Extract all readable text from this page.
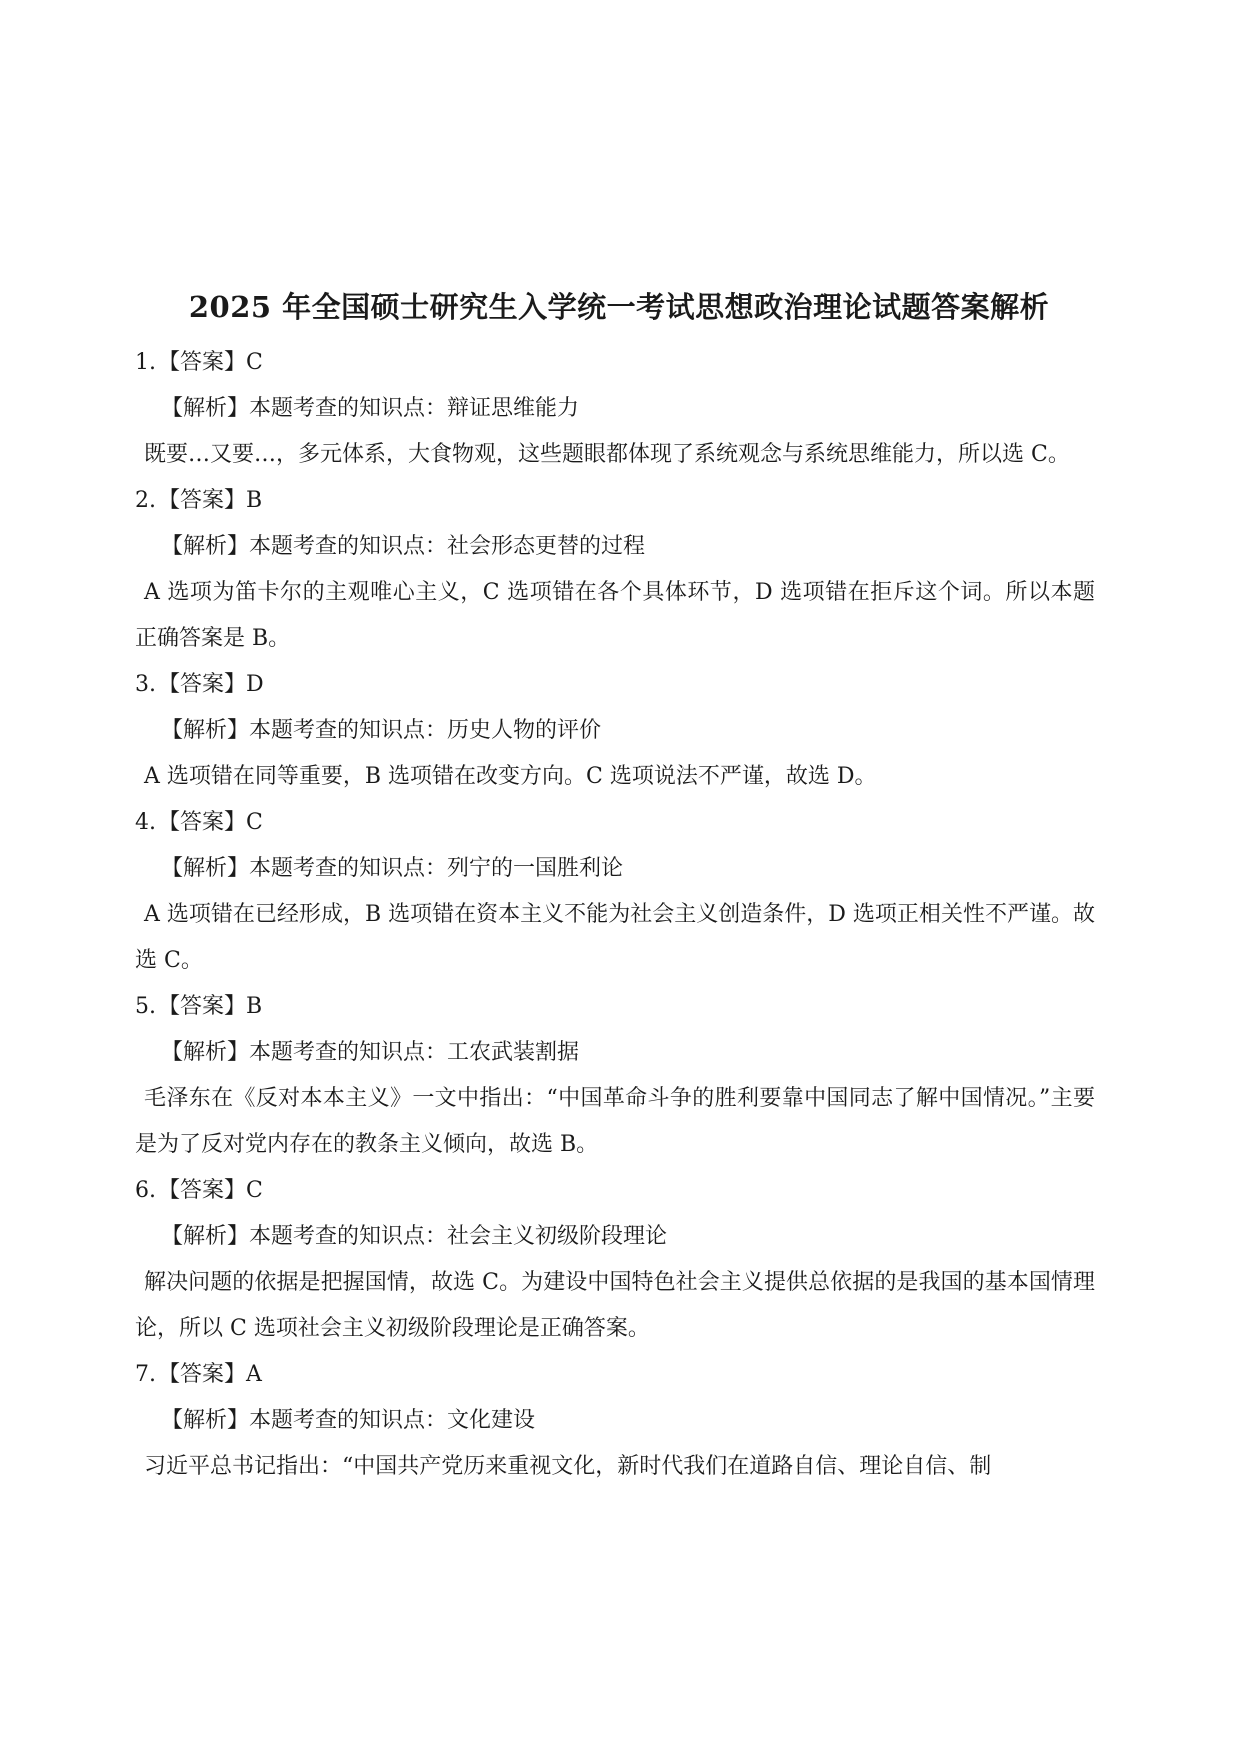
2025 年全国硕士研究生入学统一考试思想政治理论试题答案解析
1.【答案】C
【解析】本题考查的知识点：辩证思维能力

既要…又要…，多元体系，大食物观，这些题眼都体现了系统观念与系统思维能力，所以选 C。

2.【答案】B
【解析】本题考查的知识点：社会形态更替的过程

A 选项为笛卡尔的主观唯心主义，C 选项错在各个具体环节，D 选项错在拒斥这个词。所以本题正确答案是 B。

3.【答案】D
【解析】本题考查的知识点：历史人物的评价

A 选项错在同等重要，B 选项错在改变方向。C 选项说法不严谨，故选 D。

4.【答案】C
【解析】本题考查的知识点：列宁的一国胜利论

A 选项错在已经形成，B 选项错在资本主义不能为社会主义创造条件，D 选项正相关性不严谨。故选 C。

5.【答案】B
【解析】本题考查的知识点：工农武装割据

毛泽东在《反对本本主义》一文中指出：“中国革命斗争的胜利要靠中国同志了解中国情况。”主要是为了反对党内存在的教条主义倾向，故选 B。

6.【答案】C
【解析】本题考查的知识点：社会主义初级阶段理论

解决问题的依据是把握国情，故选 C。为建设中国特色社会主义提供总依据的是我国的基本国情理论，所以 C 选项社会主义初级阶段理论是正确答案。

7.【答案】A
【解析】本题考查的知识点：文化建设

习近平总书记指出：“中国共产党历来重视文化，新时代我们在道路自信、理论自信、制
